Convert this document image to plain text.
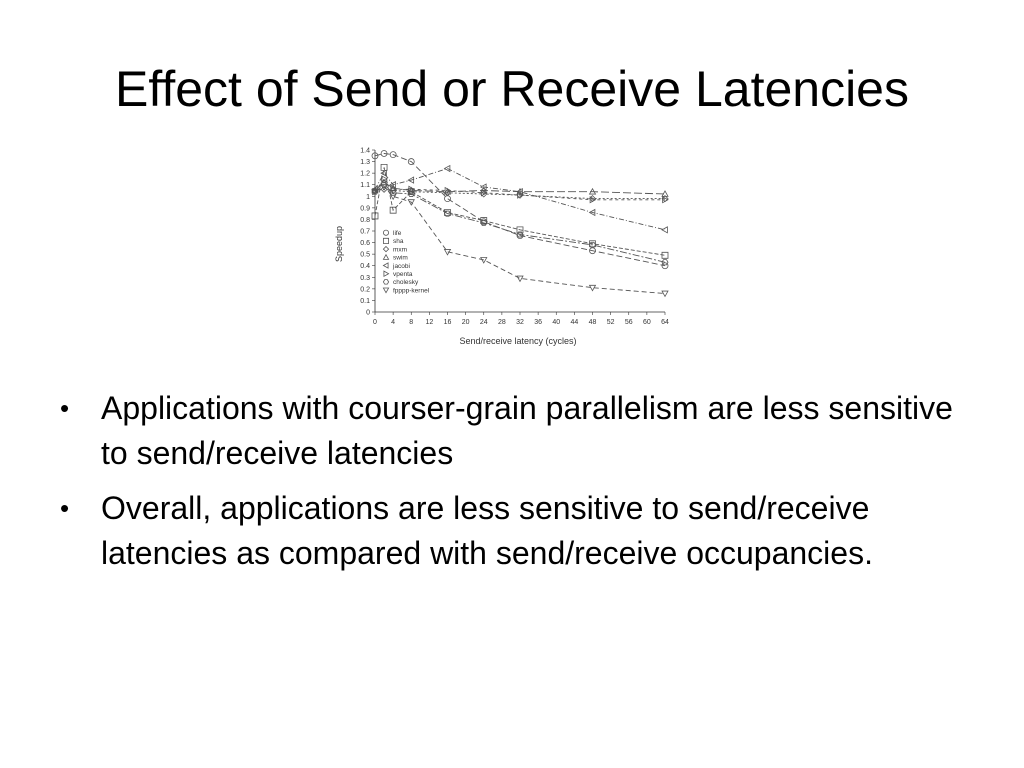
Effect of Send or Receive Latencies
0
0.1
0.2
0.3
0.4
0.5
0.6
0.7
0.8
0.9
1
1.1
1.2
1.3
1.4
0 4 8 12 16 20 24 28 32 36 40 44 48 52 56 60 64
life
sha
mxm
swim
jacobi
vpenta
cholesky
fpppp-kernel
Speedup
Send/receive latency (cycles)
• Applications with courser-grain parallelism are less sensitive to send/receive latencies
• Overall, applications are less sensitive to send/receive latencies as compared with send/receive occupancies.
